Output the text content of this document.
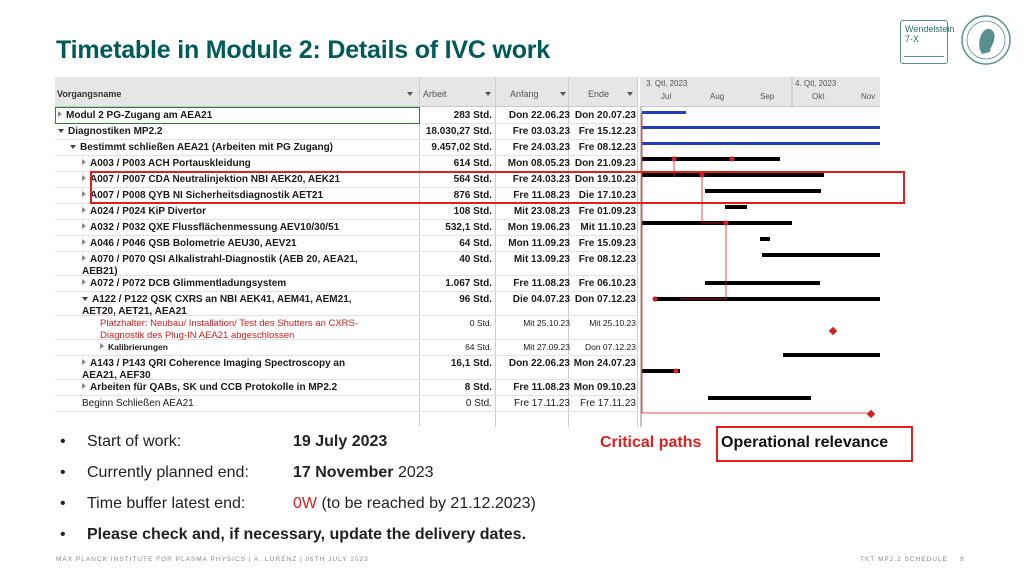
Timetable in Module 2: Details of IVC work
Wendelstein
7-X
Vorgangsname	Arbeit	Anfang	Ende
Modul 2 PG-Zugang am AEA21	283 Std.	Don 22.06.23 Don 20.07.23
Diagnostiken MP2.2	18.030,27 Std.	Fre 03.03.23 Fre 15.12.23
Bestimmt schließen AEA21 (Arbeiten mit PG Zugang)	9.457,02 Std.	Fre 24.03.23 Fre 08.12.23
A003 / P003 ACH Portauskleidung	614 Std.	Mon 08.05.23 Don 21.09.23
A007 / P007 CDA Neutralinjektion NBI AEK20, AEK21	564 Std.	Fre 24.03.23 Don 19.10.23
A007 / P008 QYB NI Sicherheitsdiagnostik AET21	876 Std.	Fre 11.08.23 Die 17.10.23
A024 / P024 KiP Divertor	108 Std.	Mit 23.08.23 Fre 01.09.23
A032 / P032 QXE Flussflächenmessung AEV10/30/51	532,1 Std.	Mon 19.06.23	Mit 11.10.23
A046 / P046 QSB Bolometrie AEU30, AEV21	64 Std.	Mon 11.09.23 Fre 15.09.23
A070 / P070 QSI Alkalistrahl-Diagnostik (AEB 20, AEA21, AEB21)
40 Std.	Mit 13.09.23 Fre 08.12.23
A072 / P072 DCB Glimmentladungsystem	1.067 Std.	Fre 11.08.23 Fre 06.10.23
A122 / P122 QSK CXRS an NBI AEK41, AEM41, AEM21, AET20, AET21, AEA21
96 Std.	Die 04.07.23 Don 07.12.23
Platzhalter: Neubau/ Installation/ Test des Shutters an CXRS-Diagnostik des Plug-IN AEA21 abgeschlossen
0 Std.	Mit 25.10.23	Mit 25.10.23
Kalibrierungen	64 Std.	Mit 27.09.23	Don 07.12.23
A143 / P143 QRI Coherence Imaging Spectroscopy an AEA21, AEF30
16,1 Std.	Don 22.06.23 Mon 24.07.23
Arbeiten für QABs, SK und CCB Protokolle in MP2.2	8 Std.	Fre 11.08.23 Mon 09.10.23
Beginn Schließen AEA21	0 Std.	Fre 17.11.23	Fre 17.11.23
3. Qtl, 2023	4. Qtl, 2023
Jul	Aug	Sep	Okt	Nov
• Start of work:	19 July 2023
• Currently planned end:	17 November 2023
• Time buffer latest end:	0W (to be reached by 21.12.2023)
• Please check and, if necessary, update the delivery dates.
Critical paths	Operational relevance
MAX PLANCK INSTITUTE FOR PLASMA PHYSICS | A. LORENZ | 06TH JULY 2023	TKT MP2.2 SCHEDULE 9
